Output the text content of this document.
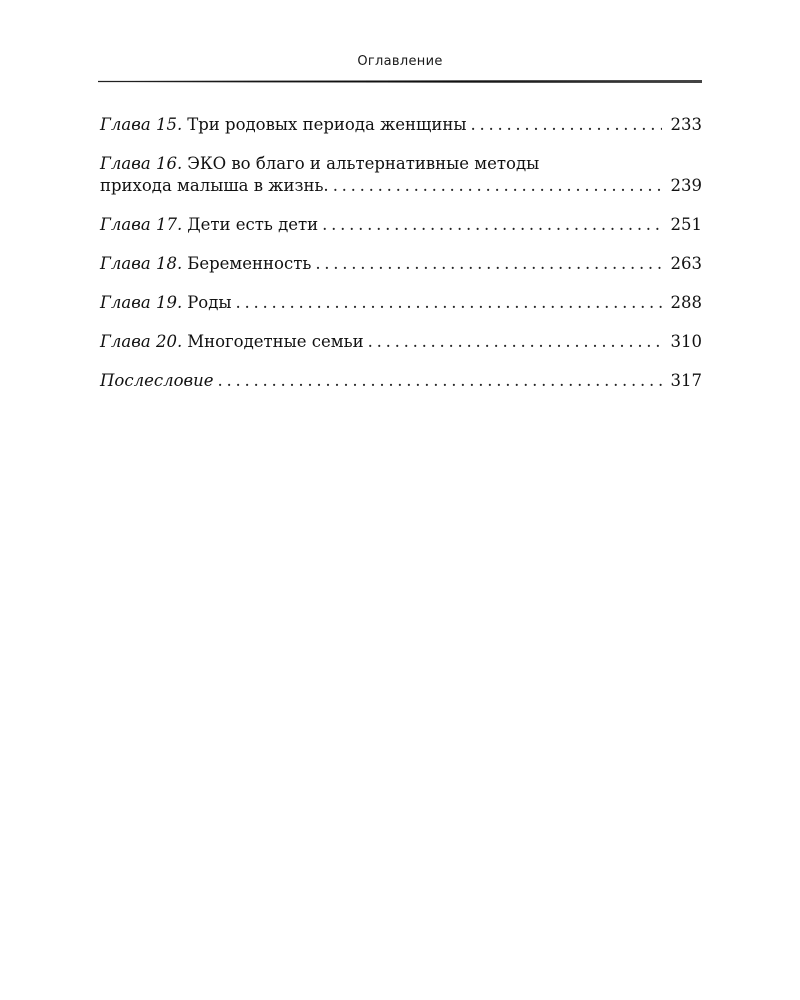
Оглавление
Глава 15. Три родовых периода женщины . . .	233
Глава 16. ЭКО во благо и альтернативные методы
прихода малыша в жизнь. . . .	239
Глава 17. Дети есть дети . . .	251
Глава 18. Беременность . . .	263
Глава 19. Роды . . .	288
Глава 20. Многодетные семьи . . .	310
Послесловие . . .	317
